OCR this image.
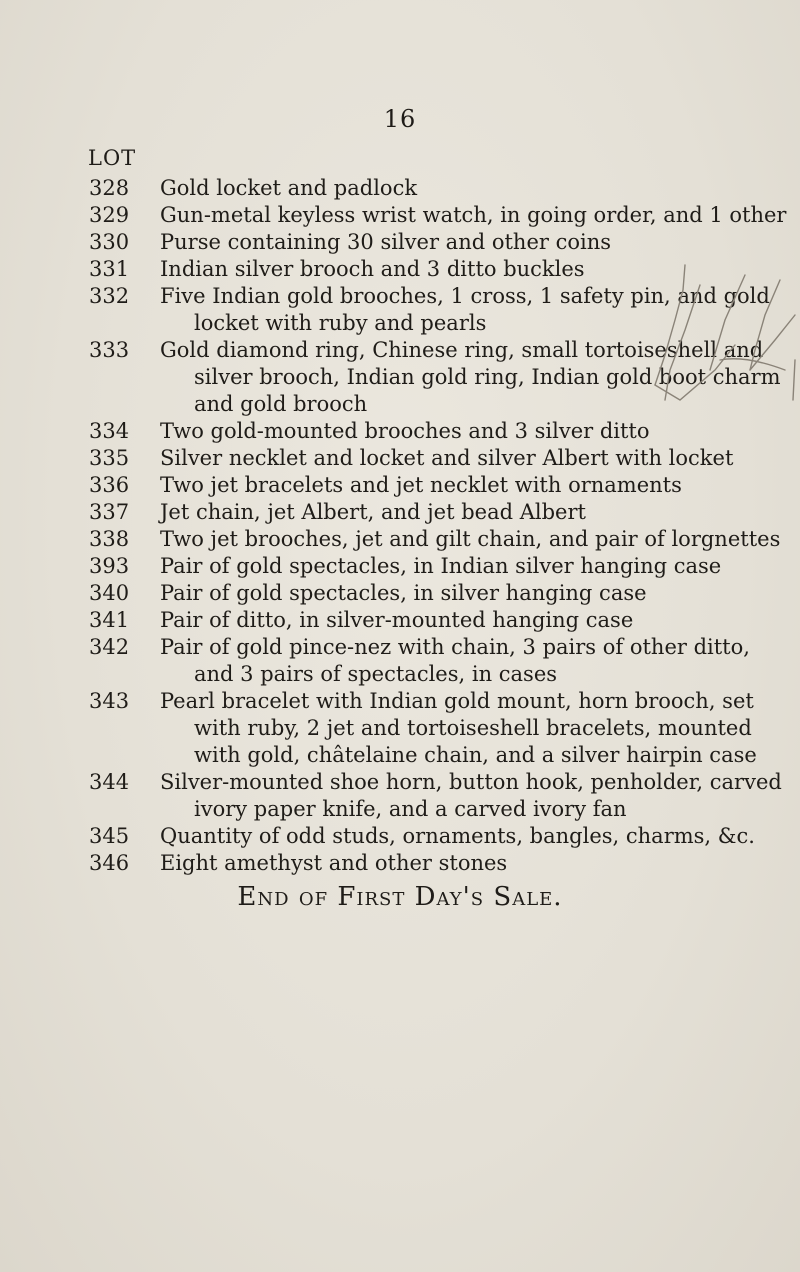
16
LOT
328	Gold locket and padlock
329	Gun-metal keyless wrist watch, in going order, and 1 other
330	Purse containing 30 silver and other coins
331	Indian silver brooch and 3 ditto buckles
332	Five Indian gold brooches, 1 cross, 1 safety pin, and gold
locket with ruby and pearls
333	Gold diamond ring, Chinese ring, small tortoiseshell and
silver brooch, Indian gold ring, Indian gold boot charm
and gold brooch
334	Two gold-mounted brooches and 3 silver ditto
335	Silver necklet and locket and silver Albert with locket
336	Two jet bracelets and jet necklet with ornaments
337	Jet chain, jet Albert, and jet bead Albert
338	Two jet brooches, jet and gilt chain, and pair of lorgnettes
393	Pair of gold spectacles, in Indian silver hanging case
340	Pair of gold spectacles, in silver hanging case
341	Pair of ditto, in silver-mounted hanging case
342	Pair of gold pince-nez with chain, 3 pairs of other ditto,
and 3 pairs of spectacles, in cases
343	Pearl bracelet with Indian gold mount, horn brooch, set
with ruby, 2 jet and tortoiseshell bracelets, mounted
with gold, châtelaine chain, and a silver hairpin case
344	Silver-mounted shoe horn, button hook, penholder, carved
ivory paper knife, and a carved ivory fan
345	Quantity of odd studs, ornaments, bangles, charms, &c.
346	Eight amethyst and other stones
End of First Day's Sale.
